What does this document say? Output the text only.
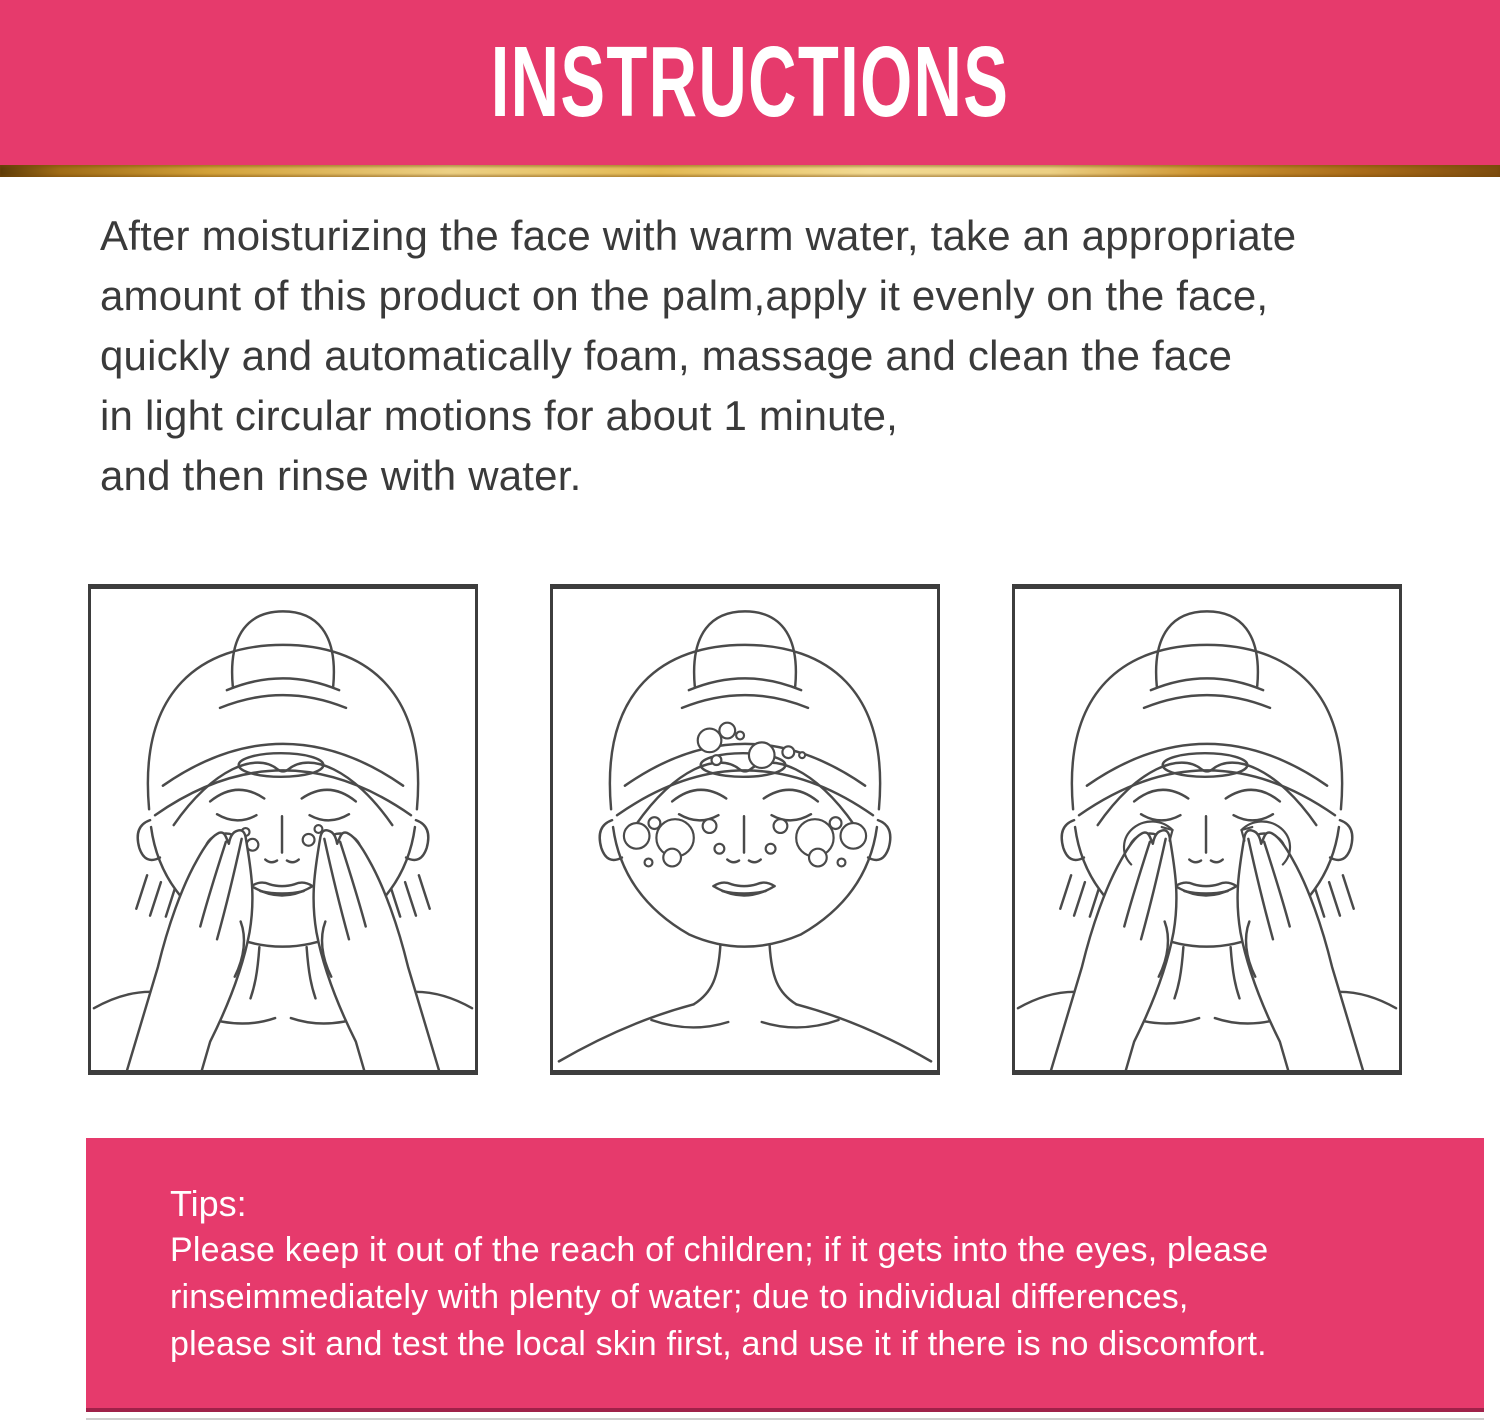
INSTRUCTIONS
After moisturizing the face with warm water, take an appropriate
amount of this product on the palm,apply it evenly on the face,
quickly and automatically foam, massage and clean the face
in light circular motions for about 1 minute,
and then rinse with water.
Tips:
Please keep it out of the reach of children; if it gets into the eyes, please
rinseimmediately with plenty of water; due to individual differences,
please sit and test the local skin first, and use it if there is no discomfort.
